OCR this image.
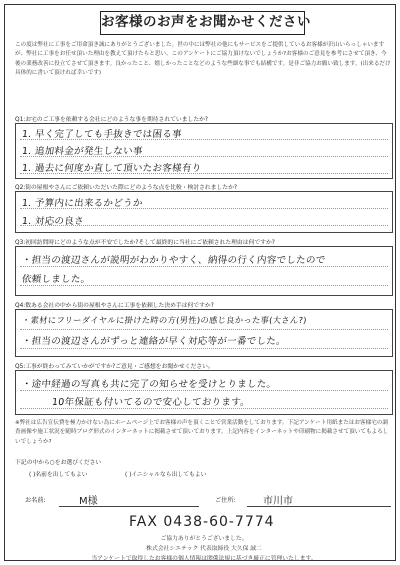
お客様のお声をお聞かせください
この度は弊社に工事をご用命頂き誠にありがとうございました。世の中には弊社の他にもサービスをご提供しているお客様が沢山いらっしゃいますが、弊社に工事をお任せ頂いた理由を教えて頂けたらと思い、このアンケートにご協力頂けないでしょうか?お客様のご意見を参考にさせて頂き、今後の業務改善に役立てさせて頂きます。良かったこと、嬉しかったことなどのような些細な事でも結構です。是非ご協力お願い致します。(出来るだけ具体的に書いて頂ければ幸いです)
Q1:お宅のご工事を依頼する会社にどのような事を期待されていましたか?
1. 早く完了しても手抜きでは困る事
1. 追加料金が発生しない事
1. 過去に何度か直して頂いたお客様有り
Q2:街の屋根やさんにご依頼いただいた際にどのような点を比較・検討されましたか?
1. 予算内に出来るかどうか
1. 対応の良さ
Q3:初回訪問時にどのような点が不安でしたか?そして最終的に当社にご依頼された理由は何ですか?
・担当の渡辺さんが説明がわかりやすく、納得の行く内容でしたので
依頼しました。
Q4:数ある会社の中から街の屋根やさんに工事を依頼した決め手は何ですか?
・素材にフリーダイヤルに掛けた時の方(男性)の感じ良かった事(大さん?)
・担当の渡辺さんがずっと連絡が早く対応等が一番でした。
Q5:工事が終わってみていかがですか?ご意見・ご感想をお聞かせください。
・途中経過の写真も共に完了の知らせを受けとりました。
10年保証も付いてるので安心しております。
※弊社は広告宣伝費を極力かけない為にホームページ上でお客様の声を頂くことで営業活動をしております。下記アンケート用紙またはお客様宅の調査画像や施工状況を随時ブログ形式のインターネットに掲載させて頂いております。上記内容をインターネットや印刷物に掲載させて頂いてもよろしいでしょうか?
下記の中から○をお選びください
( )名前を出してもよい	( )イニシャルなら出してもよい
お名前:	M様	ご住所:	市川市
FAX 0438-60-7774
ご協力ありがとうございました。
株式会社シエテック 代表取締役 大久保 誠二
当アンケートで取得したお客様の個人情報は関係法規に基づき厳正に管理いたします。
